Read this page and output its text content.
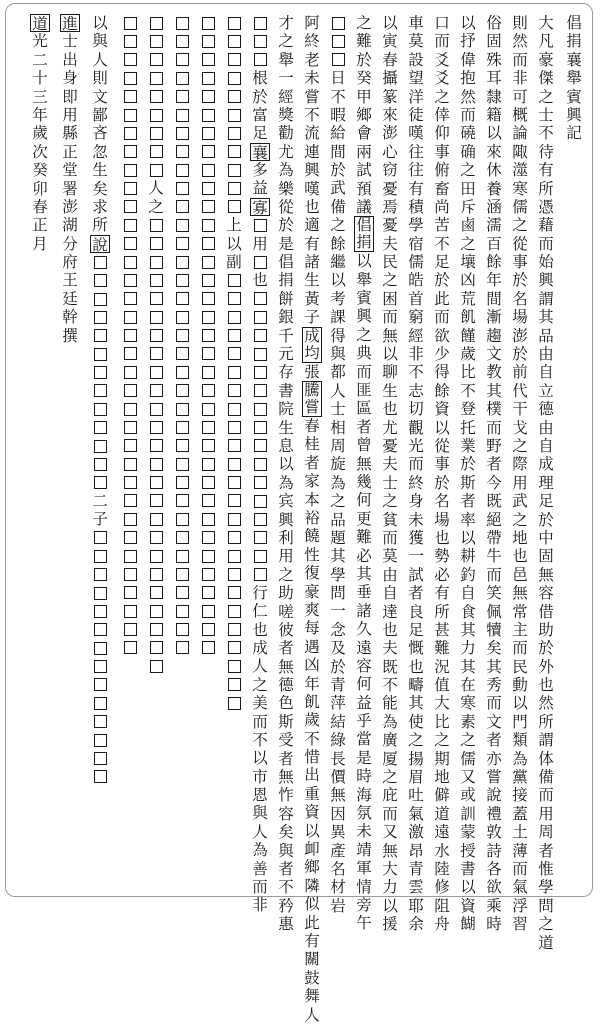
倡
捐
襄
舉
賓
興
記
大
凡
豪
傑
之
士
不
待
有
所
憑
藉
而
始
興
謂
其
品
由
自
立
德
由
自
成
理
足
於
中
固
無
容
借
助
於
外
也
然
所
謂
体
備
而
用
周
者
惟
學
問
之
道
則
然
而
非
可
概
論
陬
澨
寒
儒
之
從
事
於
名
場
澎
於
前
代
干
戈
之
際
用
武
之
地
也
邑
無
常
主
而
民
動
以
門
類
為
黨
接
蓋
土
薄
而
氣
浮
習
俗
固
殊
耳
隸
籍
以
來
休
養
涵
濡
百
餘
年
間
漸
趨
文
教
其
樸
而
野
者
今
既
絕
帶
牛
而
笑
佩
犢
矣
其
秀
而
文
者
亦
嘗
說
禮
敦
詩
各
欲
乘
時
以
抒
偉
抱
然
而
磽
确
之
田
斥
鹵
之
壤
凶
荒
飢
饉
歲
比
不
登
托
業
於
斯
者
率
以
耕
釣
自
食
其
力
其
在
寒
素
之
儒
又
或
訓
蒙
授
書
以
資
餬
口
而
爻
爻
之
倖
仰
事
俯
畜
尚
苦
不
足
於
此
而
欲
少
得
餘
資
以
從
事
於
名
場
也
勢
必
有
所
甚
難
況
值
大
比
之
期
地
僻
道
遠
水
陸
修
阻
舟
車
莫
設
望
洋
徒
嘆
往
往
有
積
學
宿
儒
皓
首
窮
經
非
不
志
切
觀
光
而
終
身
未
獲
一
試
者
良
足
慨
也
疇
其
使
之
揚
眉
吐
氣
激
昂
青
雲
耶
余
以
寅
春
攝
篆
來
澎
心
窃
憂
焉
憂
夫
民
之
困
而
無
以
聊
生
也
尤
憂
夫
士
之
貧
而
莫
由
自
達
也
夫
既
不
能
為
廣
厦
之
庇
而
又
無
大
力
以
援
之
難
於
癸
甲
鄉
會
兩
試
預
議
倡
捐
以
舉
賓
興
之
典
而
匪
區
者
曾
無
幾
何
更
難
必
其
垂
諸
久
遠
容
何
益
乎
當
是
時
海
氛
未
靖
軍
情
旁
午
日
不
暇
給
間
於
武
備
之
餘
繼
以
考
課
得
與
都
人
士
相
周
旋
為
之
品
題
其
學
問
一
念
及
於
青
萍
結
綠
長
價
無
因
異
產
名
材
岩
阿
終
老
未
嘗
不
流
連
興
嘆
也
適
有
諸
生
黃
子
成
均
張
騰
嘗
春
桂
者
家
本
裕
饒
性
復
豪
爽
每
遇
凶
年
飢
歲
不
惜
出
重
資
以
卹
鄉
隣
似
此
有
關
鼓
舞
人
才
之
舉
一
經
獎
勸
尤
為
樂
從
於
是
倡
捐
餅
銀
千
元
存
書
院
生
息
以
為
宾
興
利
用
之
助
嗟
彼
者
無
德
色
斯
受
者
無
怍
容
矣
與
者
不
矜
惠
根
於
富
足
襄
多
益
寡
用
也
行
仁
也
成
人
之
美
而
不
以
市
恩
與
人
為
善
而
非
上
以
副
人
之
以
與
人
則
文
鄙
吝
忽
生
矣
求
所
說
二
子
進
士
出
身
即
用
縣
正
堂
署
澎
湖
分
府
王
廷
幹
撰
道
光
二
十
三
年
歲
次
癸
卯
春
正
月
